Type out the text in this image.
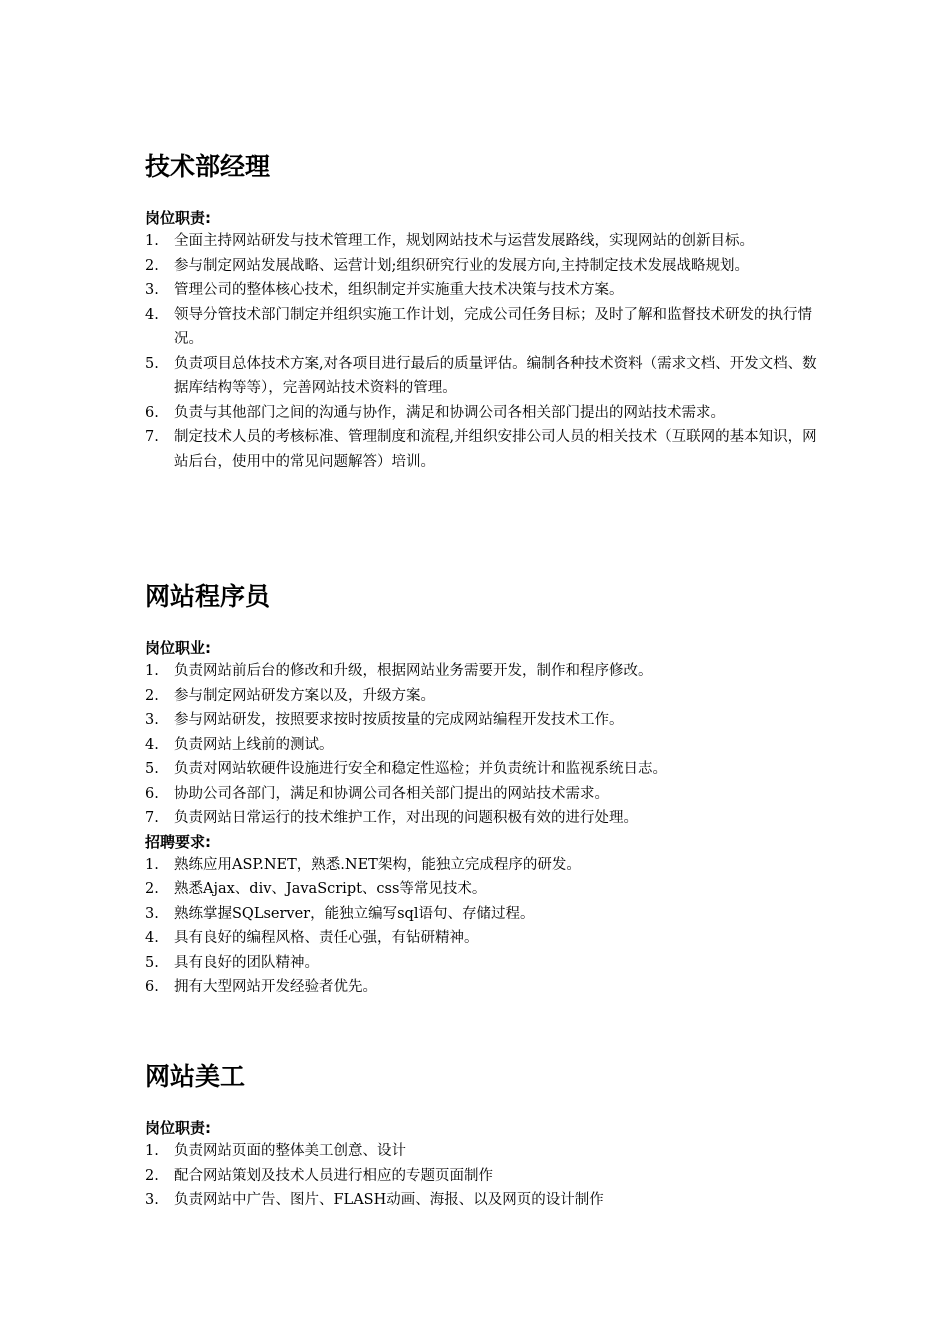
技术部经理
岗位职责:
1. 全面主持网站研发与技术管理工作，规划网站技术与运营发展路线，实现网站的创新目标。
2. 参与制定网站发展战略、运营计划;组织研究行业的发展方向,主持制定技术发展战略规划。
3. 管理公司的整体核心技术，组织制定并实施重大技术决策与技术方案。
4. 领导分管技术部门制定并组织实施工作计划，完成公司任务目标；及时了解和监督技术研发的执行情况。
5. 负责项目总体技术方案,对各项目进行最后的质量评估。编制各种技术资料（需求文档、开发文档、数据库结构等等），完善网站技术资料的管理。
6. 负责与其他部门之间的沟通与协作，满足和协调公司各相关部门提出的网站技术需求。
7. 制定技术人员的考核标准、管理制度和流程,并组织安排公司人员的相关技术（互联网的基本知识，网站后台，使用中的常见问题解答）培训。
网站程序员
岗位职业:
1. 负责网站前后台的修改和升级，根据网站业务需要开发，制作和程序修改。
2. 参与制定网站研发方案以及，升级方案。
3. 参与网站研发，按照要求按时按质按量的完成网站编程开发技术工作。
4. 负责网站上线前的测试。
5. 负责对网站软硬件设施进行安全和稳定性巡检；并负责统计和监视系统日志。
6. 协助公司各部门，满足和协调公司各相关部门提出的网站技术需求。
7. 负责网站日常运行的技术维护工作，对出现的问题积极有效的进行处理。
招聘要求:
1. 熟练应用ASP.NET，熟悉.NET架构，能独立完成程序的研发。
2. 熟悉Ajax、div、JavaScript、css等常见技术。
3. 熟练掌握SQLserver，能独立编写sql语句、存储过程。
4. 具有良好的编程风格、责任心强，有钻研精神。
5. 具有良好的团队精神。
6. 拥有大型网站开发经验者优先。
网站美工
岗位职责:
1. 负责网站页面的整体美工创意、设计
2. 配合网站策划及技术人员进行相应的专题页面制作
3. 负责网站中广告、图片、FLASH动画、海报、以及网页的设计制作
